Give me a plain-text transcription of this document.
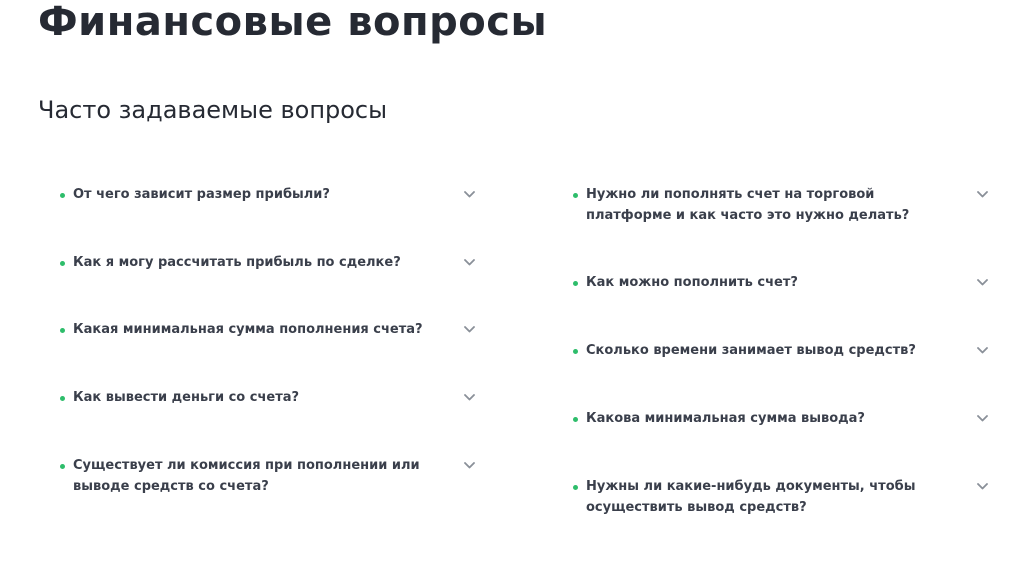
Финансовые вопросы
Часто задаваемые вопросы
От чего зависит размер прибыли?
Как я могу рассчитать прибыль по сделке?
Какая минимальная сумма пополнения счета?
Как вывести деньги со счета?
Существует ли комиссия при пополнении или выводе средств со счета?
Нужно ли пополнять счет на торговой платформе и как часто это нужно делать?
Как можно пополнить счет?
Сколько времени занимает вывод средств?
Какова минимальная сумма вывода?
Нужны ли какие-нибудь документы, чтобы осуществить вывод средств?
